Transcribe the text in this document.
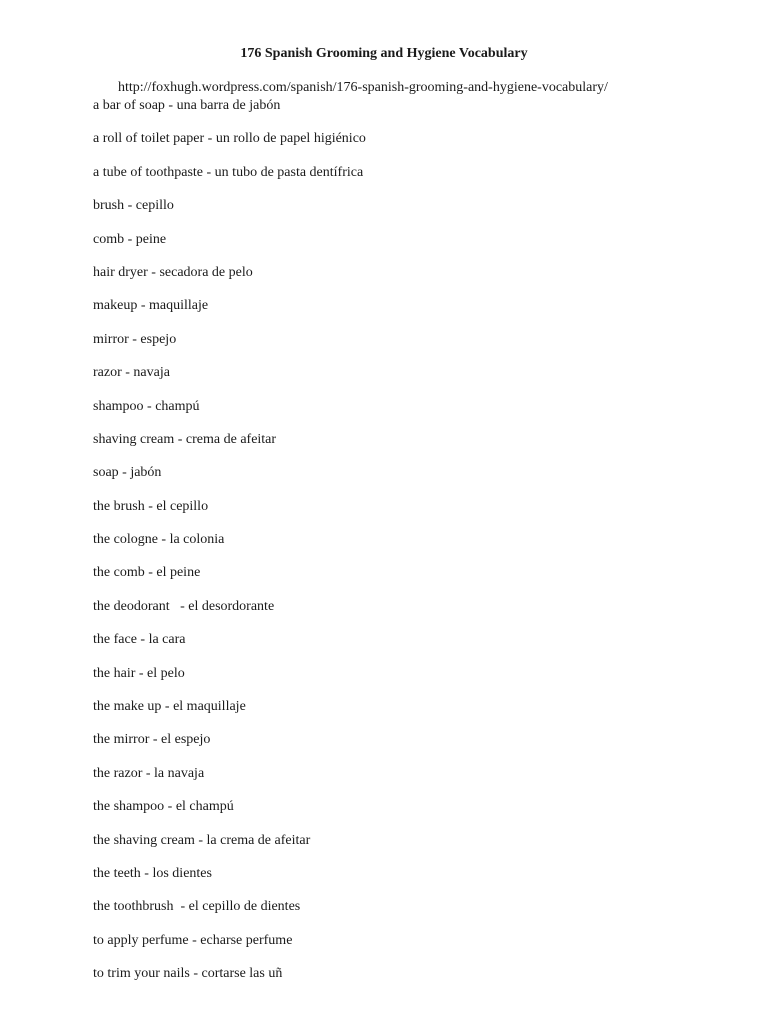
176 Spanish Grooming and Hygiene Vocabulary
http://foxhugh.wordpress.com/spanish/176-spanish-grooming-and-hygiene-vocabulary/
a bar of soap - una barra de jabón
a roll of toilet paper - un rollo de papel higiénico
a tube of toothpaste - un tubo de pasta dentífrica
brush - cepillo
comb - peine
hair dryer - secadora de pelo
makeup - maquillaje
mirror - espejo
razor - navaja
shampoo - champú
shaving cream - crema de afeitar
soap - jabón
the brush - el cepillo
the cologne - la colonia
the comb - el peine
the deodorant   - el desordorante
the face - la cara
the hair - el pelo
the make up - el maquillaje
the mirror - el espejo
the razor - la navaja
the shampoo - el champú
the shaving cream - la crema de afeitar
the teeth - los dientes
the toothbrush  - el cepillo de dientes
to apply perfume - echarse perfume
to trim your nails - cortarse las uñ
